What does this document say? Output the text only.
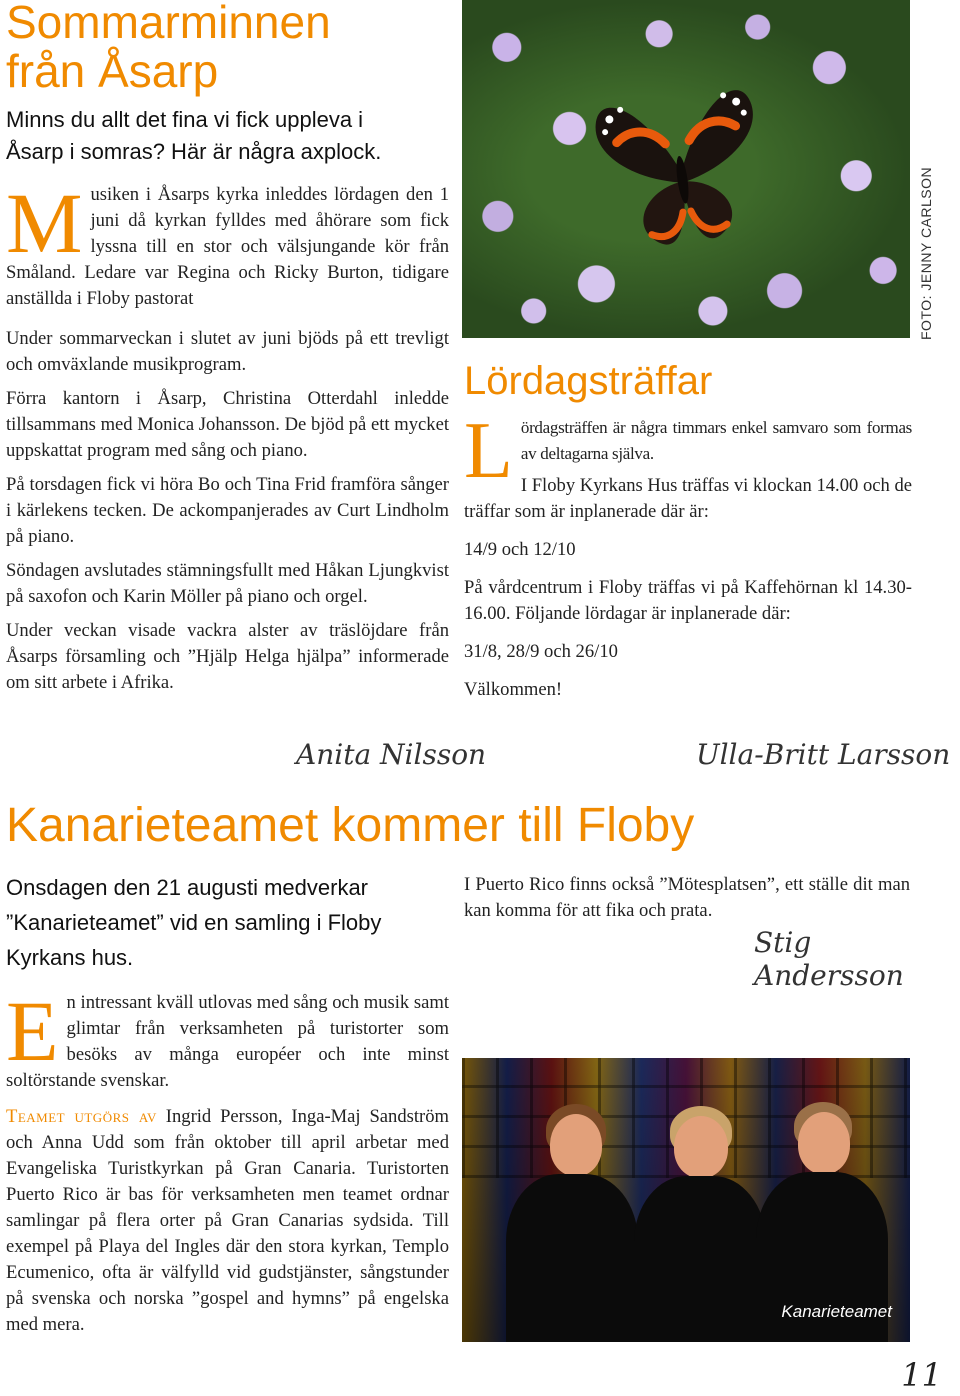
Sommarminnen
från Åsarp

Minns du allt det fina vi fick uppleva i Åsarp i somras? Här är några axplock.

M usiken i Åsarps kyrka inleddes lördagen den 1 juni då kyrkan fylldes med åhörare som fick lyssna till en stor och välsjungande kör från Småland. Ledare var Regina och Ricky Burton, tidigare anställda i Floby pastorat

Under sommarveckan i slutet av juni bjöds på ett trevligt och omväxlande musikprogram.

Förra kantorn i Åsarp, Christina Otterdahl inledde tillsammans med Monica Johansson. De bjöd på ett mycket uppskattat program med sång och piano.

På torsdagen fick vi höra Bo och Tina Frid framföra sånger i kärlekens tecken. De ackompanjerades av Curt Lindholm på piano.

Söndagen avslutades stämningsfullt med Håkan Ljungkvist på saxofon och Karin Möller på piano och orgel.

Under veckan visade vackra alster av träslöjdare från Åsarps församling och ”Hjälp Helga hjälpa” informerade om sitt arbete i Afrika.

Anita Nilsson
FOTO: JENNY CARLSON
Lördagsträffar

L ördagsträffen är några timmars enkel samvaro som formas av deltagarna själva.

I Floby Kyrkans Hus träffas vi klockan 14.00 och de träffar som är inplanerade där är:

14/9 och 12/10

På vårdcentrum i Floby träffas vi på Kaffehörnan kl 14.30-16.00. Följande lördagar är inplanerade där:

31/8, 28/9 och 26/10

Välkommen!

Ulla-Britt Larsson
Kanarieteamet kommer till Floby

Onsdagen den 21 augusti medverkar ”Kanarieteamet” vid en samling i Floby Kyrkans hus.

E n intressant kväll utlovas med sång och musik samt glimtar från verksamheten på turistorter som besöks av många européer och inte minst soltörstande svenskar.

Teamet utgörs av Ingrid Persson, Inga-Maj Sandström och Anna Udd som från oktober till april arbetar med Evangeliska Turistkyrkan på Gran Canaria. Turistorten Puerto Rico är bas för verksamheten men teamet ordnar samlingar på flera orter på Gran Canarias sydsida. Till exempel på Playa del Ingles där den stora kyrkan, Templo Ecumenico, ofta är välfylld vid gudstjänster, sångstunder på svenska och norska ”gospel and hymns” på engelska med mera.

I Puerto Rico finns också ”Mötesplatsen”, ett ställe dit man kan komma för att fika och prata.
Stig Andersson
Kanarieteamet
11
